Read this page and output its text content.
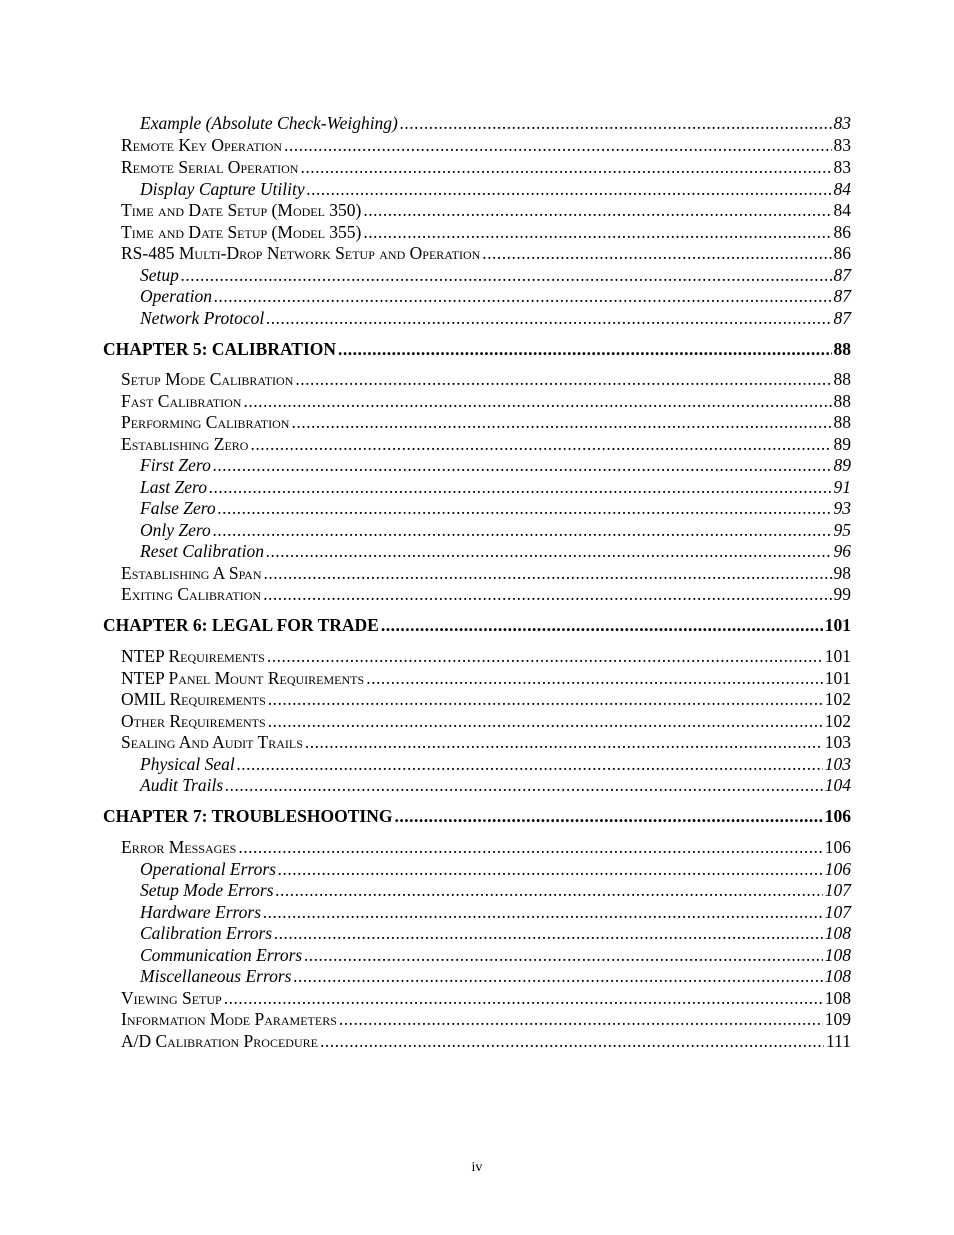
Example (Absolute Check-Weighing) .....	83
Remote Key Operation .....	83
Remote Serial Operation .....	83
Display Capture Utility .....	84
Time and Date Setup (Model 350) .....	84
Time and Date Setup (Model 355) .....	86
RS-485 Multi-Drop Network Setup and Operation .....	86
Setup .....	87
Operation .....	87
Network Protocol .....	87
CHAPTER 5: CALIBRATION .....	88
Setup Mode Calibration .....	88
Fast Calibration .....	88
Performing Calibration .....	88
Establishing Zero .....	89
First Zero .....	89
Last Zero .....	91
False Zero .....	93
Only Zero .....	95
Reset Calibration .....	96
Establishing A Span .....	98
Exiting Calibration .....	99
CHAPTER 6: LEGAL FOR TRADE .....	101
NTEP Requirements .....	101
NTEP Panel Mount Requirements .....	101
OMIL Requirements .....	102
Other Requirements .....	102
Sealing And Audit Trails .....	103
Physical Seal .....	103
Audit Trails .....	104
CHAPTER 7: TROUBLESHOOTING .....	106
Error Messages .....	106
Operational Errors .....	106
Setup Mode Errors .....	107
Hardware Errors .....	107
Calibration Errors .....	108
Communication Errors .....	108
Miscellaneous Errors .....	108
Viewing Setup .....	108
Information Mode Parameters .....	109
A/D Calibration Procedure .....	111
iv
